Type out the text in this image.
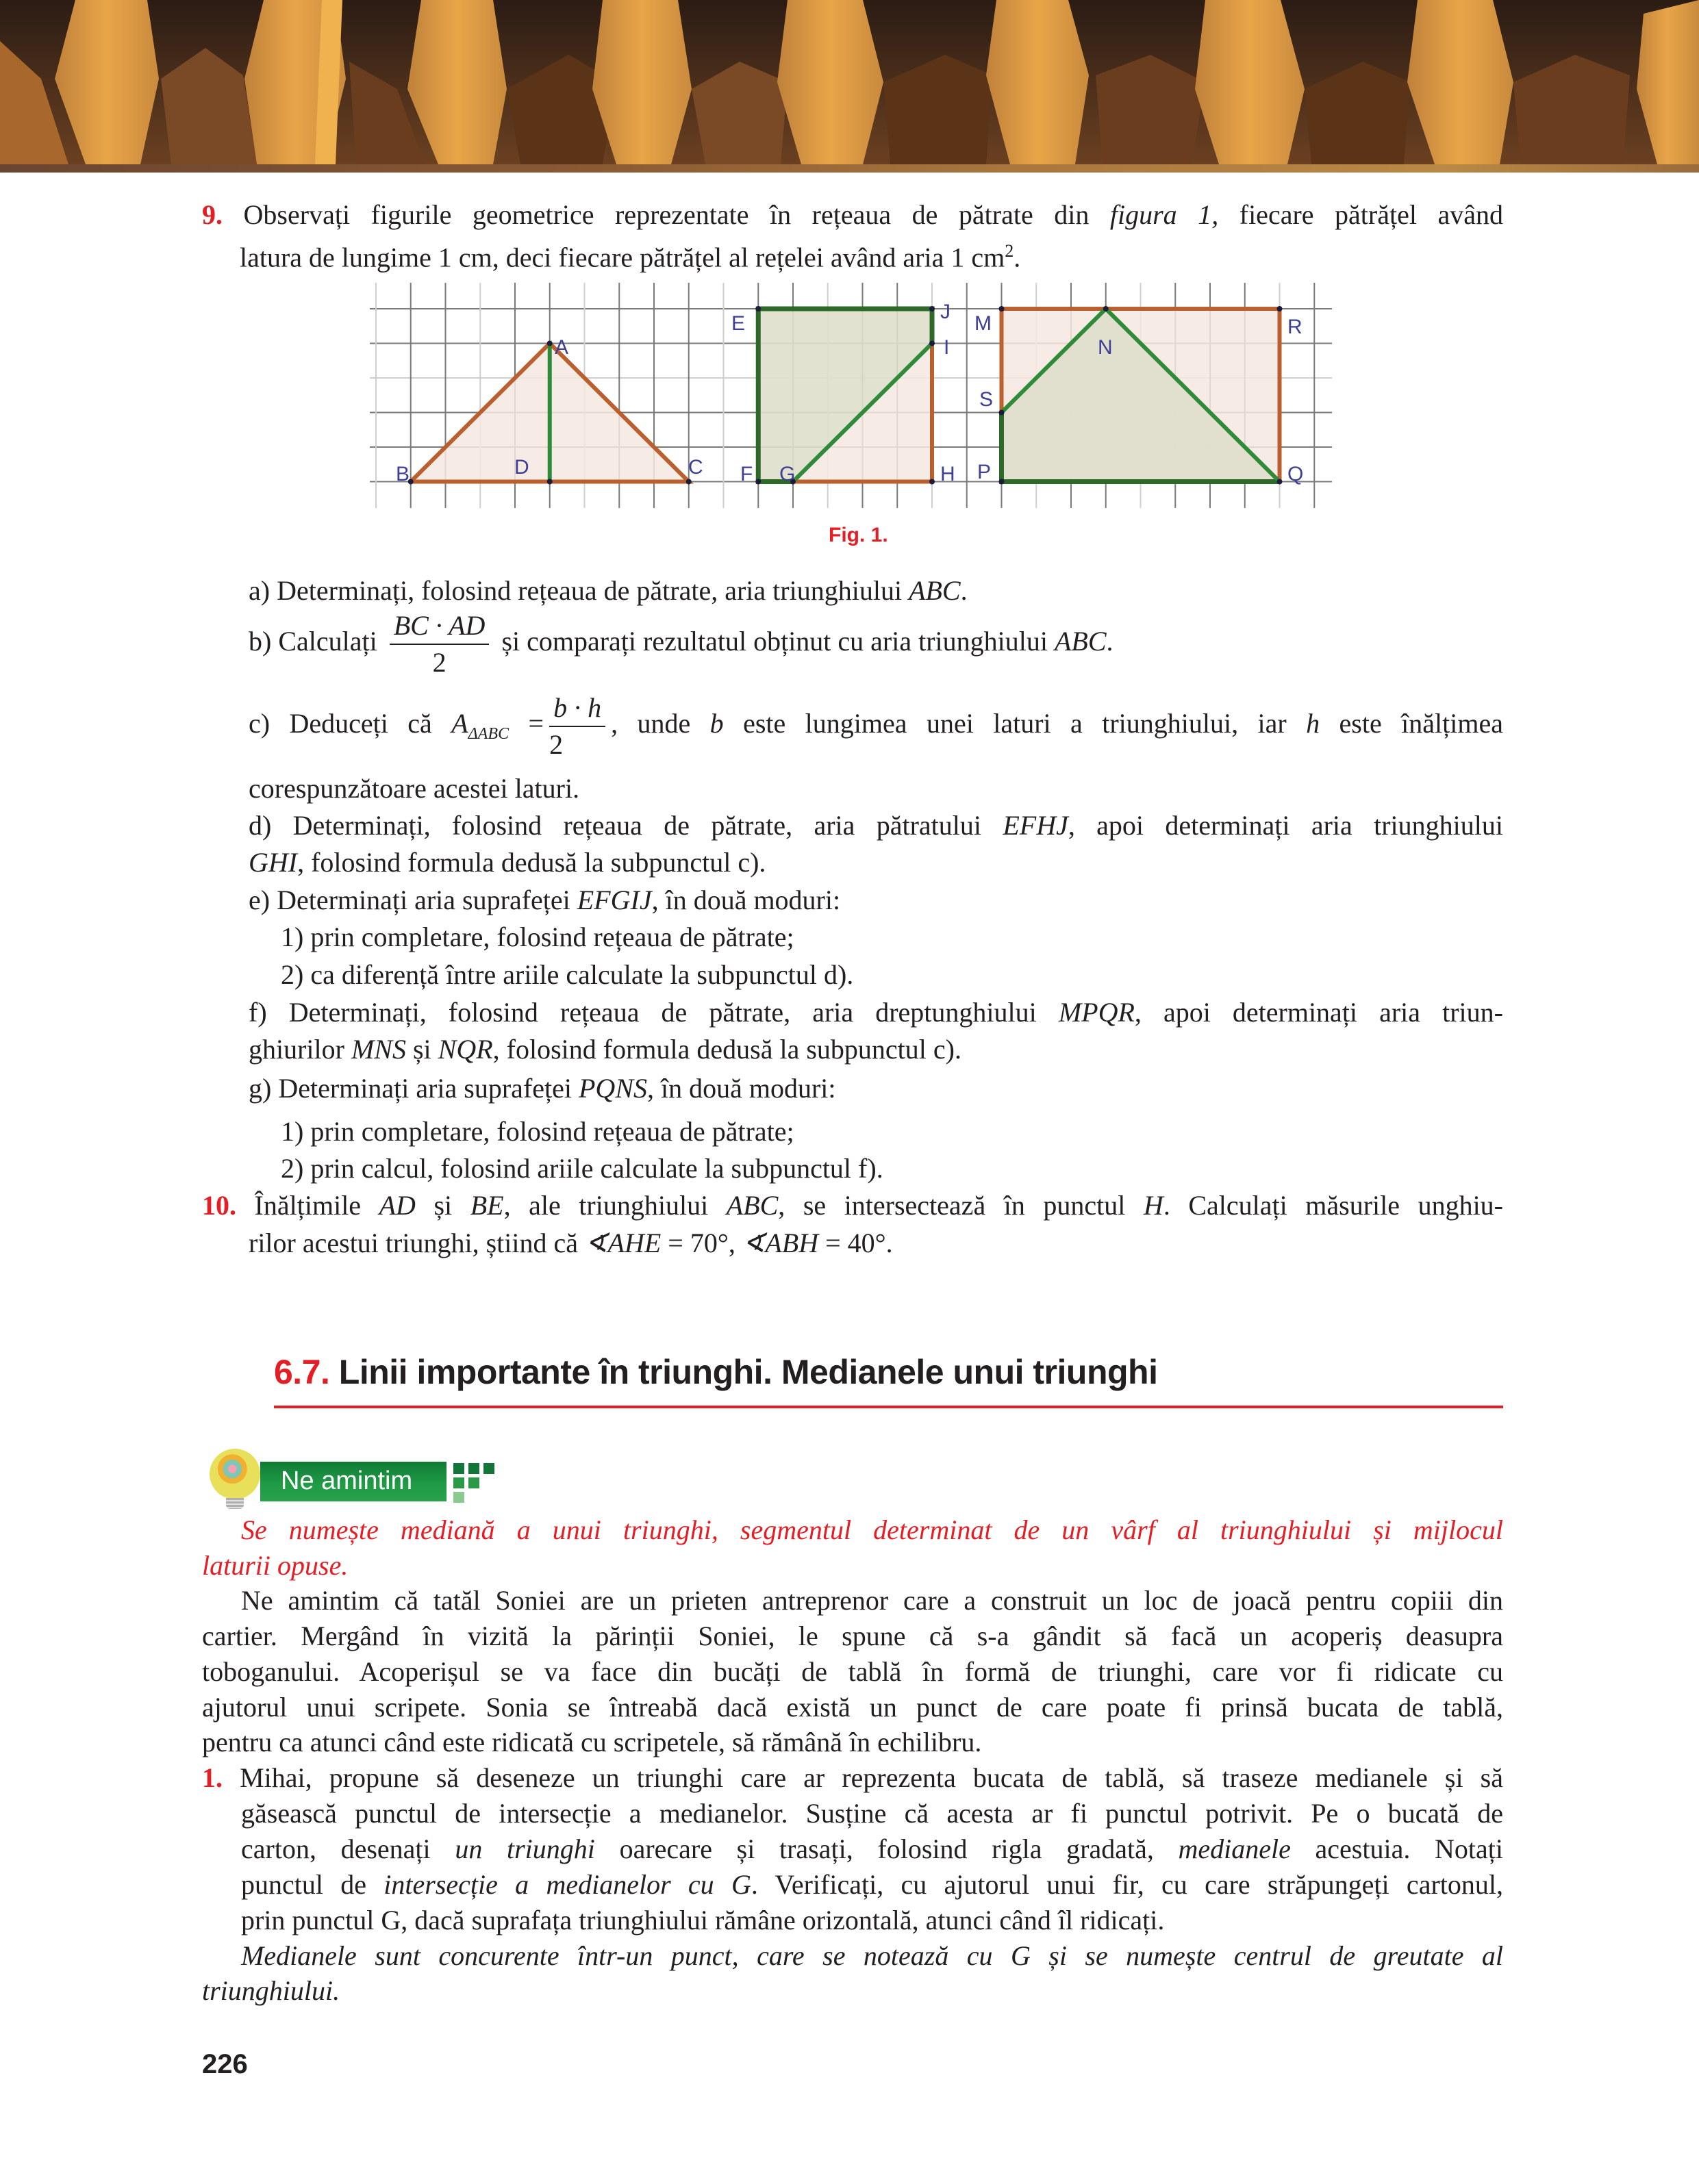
9. Observați figurile geometrice reprezentate în rețeaua de pătrate din figura 1, fiecare pătrățel având
latura de lungime 1 cm, deci fiecare pătrățel al rețelei având aria 1 $cm^2$.
A
B	C
D
E
F G	H
I
J
M
N
P	Q
R
S
Fig. 1.
a) Determinați, folosind rețeaua de pătrate, aria triunghiului ABC.
b) Calculați $\frac{BC \cdot AD}{2}$ și comparați rezultatul obținut cu aria triunghiului ABC.
c) Deduceți că $A_{\Delta ABC} = \frac{b \cdot h}{2}$ , unde b este lungimea unei laturi a triunghiului, iar h este înălțimea
corespunzătoare acestei laturi.
d) Determinați, folosind rețeaua de pătrate, aria pătratului EFHJ, apoi determinați aria triunghiului
GHI, folosind formula dedusă la subpunctul c).
e) Determinați aria suprafeței EFGIJ, în două moduri:
1) prin completare, folosind rețeaua de pătrate;
2) ca diferență între ariile calculate la subpunctul d).
f) Determinați, folosind rețeaua de pătrate, aria dreptunghiului MPQR, apoi determinați aria triun-
ghiurilor MNS și NQR, folosind formula dedusă la subpunctul c).
g) Determinați aria suprafeței PQNS, în două moduri:
1) prin completare, folosind rețeaua de pătrate;
2) prin calcul, folosind ariile calculate la subpunctul f).
10. Înălțimile AD și BE, ale triunghiului ABC, se intersectează în punctul H. Calculați măsurile unghiu-
rilor acestui triunghi, știind că ∢AHE = 70°, ∢ABH = 40°.
6.7. Linii importante în triunghi. Medianele unui triunghi
Ne amintim
Se numește mediană a unui triunghi, segmentul determinat de un vârf al triunghiului și mijlocul
laturii opuse.
Ne amintim că tatăl Soniei are un prieten antreprenor care a construit un loc de joacă pentru copiii din
cartier. Mergând în vizită la părinții Soniei, le spune că s-a gândit să facă un acoperiș deasupra
toboganului. Acoperișul se va face din bucăți de tablă în formă de triunghi, care vor fi ridicate cu
ajutorul unui scripete. Sonia se întreabă dacă există un punct de care poate fi prinsă bucata de tablă,
pentru ca atunci când este ridicată cu scripetele, să rămână în echilibru.
1. Mihai, propune să deseneze un triunghi care ar reprezenta bucata de tablă, să traseze medianele și să
găsească punctul de intersecție a medianelor. Susține că acesta ar fi punctul potrivit. Pe o bucată de
carton, desenați un triunghi oarecare și trasați, folosind rigla gradată, medianele acestuia. Notați
punctul de intersecție a medianelor cu G. Verificați, cu ajutorul unui fir, cu care străpungeți cartonul,
prin punctul G, dacă suprafața triunghiului rămâne orizontală, atunci când îl ridicați.
Medianele sunt concurente într-un punct, care se notează cu G și se numește centrul de greutate al
triunghiului.
226
